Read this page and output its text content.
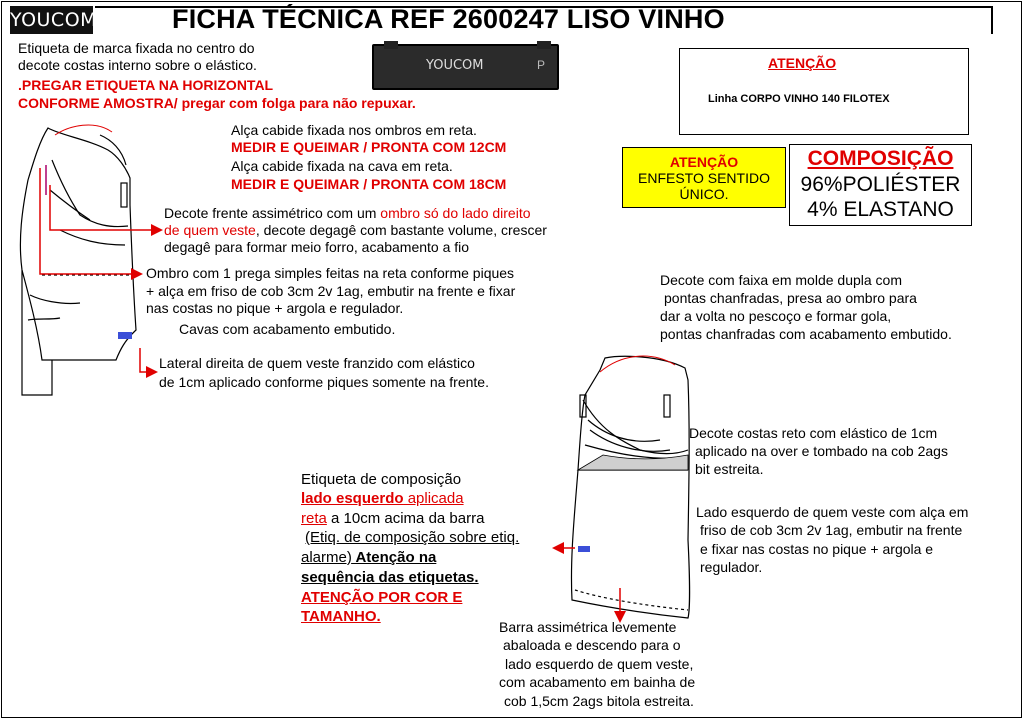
YOUCOM	FICHA TÉCNICA REF 2600247 LISO VINHO
Etiqueta de marca fixada no centro do
decote costas interno sobre o elástico.
.PREGAR ETIQUETA NA HORIZONTAL
CONFORME AMOSTRA/ pregar com folga para não repuxar.
YOUCOM	P	ATENÇÃO
Linha CORPO VINHO 140 FILOTEX
ATENÇÃO
ENFESTO SENTIDO
ÚNICO.
COMPOSIÇÃO
96%POLIÉSTER
4% ELASTANO
Alça cabide fixada nos ombros em reta.
MEDIR E QUEIMAR / PRONTA COM 12CM
Alça cabide fixada na cava em reta.
MEDIR E QUEIMAR / PRONTA COM 18CM
Decote frente assimétrico com um ombro só do lado direito
de quem veste, decote degagê com bastante volume, crescer
degagê para formar meio forro, acabamento a fio
Ombro com 1 prega simples feitas na reta conforme piques
+ alça em friso de cob 3cm 2v 1ag, embutir na frente e fixar
nas costas no pique + argola e regulador.
Cavas com acabamento embutido.
Lateral direita de quem veste franzido com elástico
de 1cm aplicado conforme piques somente na frente.
Decote com faixa em molde dupla com
pontas chanfradas, presa ao ombro para
dar a volta no pescoço e formar gola,
pontas chanfradas com acabamento embutido.
Decote costas reto com elástico de 1cm
aplicado na over e tombado na cob 2ags
bit estreita.
Lado esquerdo de quem veste com alça em
friso de cob 3cm 2v 1ag, embutir na frente
e fixar nas costas no pique + argola e
regulador.
Etiqueta de composição
lado esquerdo aplicada
reta a 10cm acima da barra
(Etiq. de composição sobre etiq.
alarme) Atenção na
sequência das etiquetas.
ATENÇÃO POR COR E
TAMANHO.
Barra assimétrica levemente
abaloada e descendo para o
lado esquerdo de quem veste,
com acabamento em bainha de
cob 1,5cm 2ags bitola estreita.
